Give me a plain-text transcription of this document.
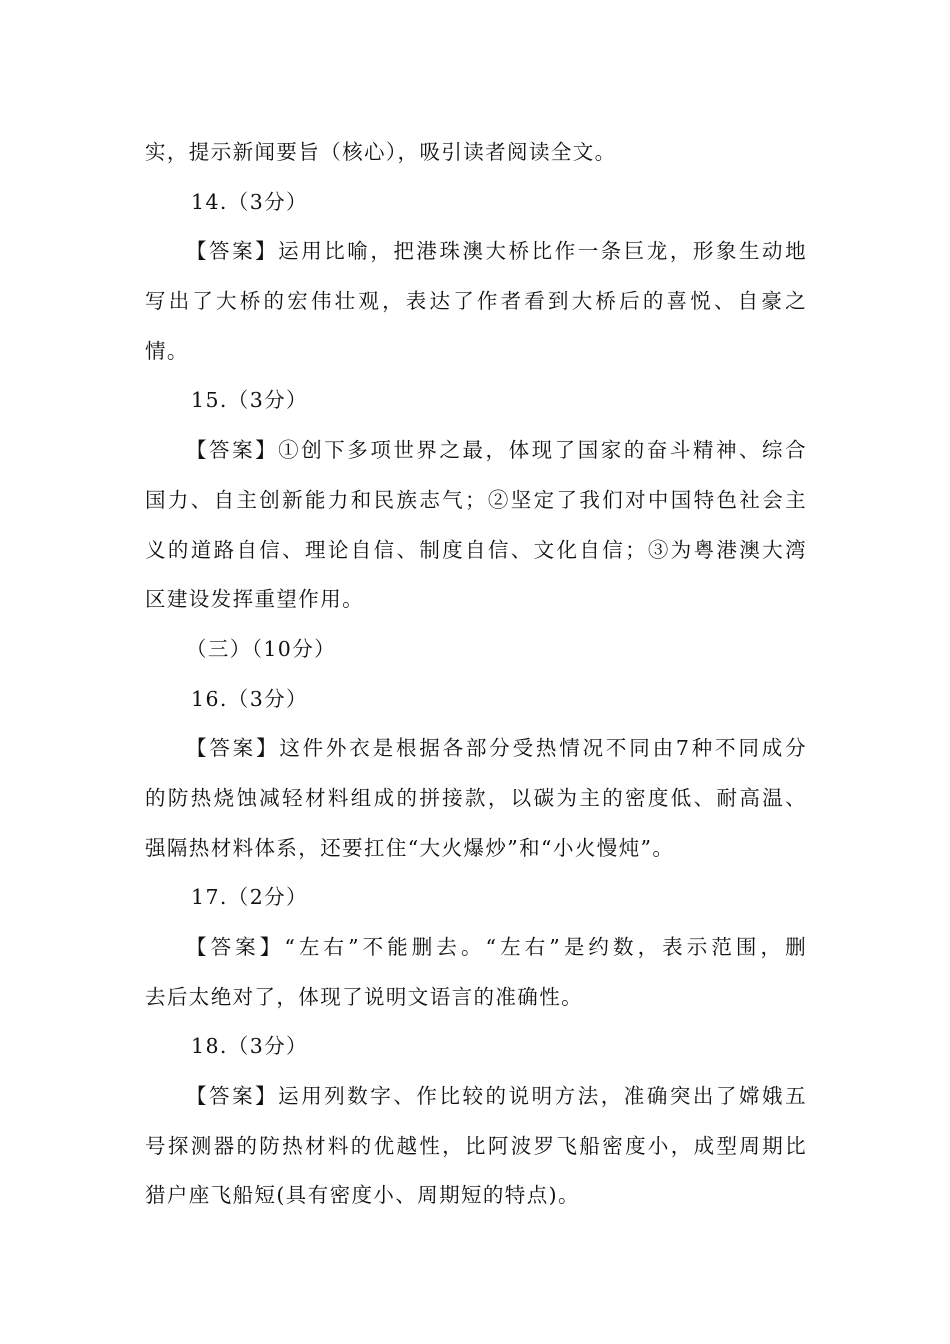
实，提示新闻要旨（核心），吸引读者阅读全文。
14.（3分）
【答案】运用比喻，把港珠澳大桥比作一条巨龙，形象生动地
写出了大桥的宏伟壮观，表达了作者看到大桥后的喜悦、自豪之
情。
15.（3分）
【答案】①创下多项世界之最，体现了国家的奋斗精神、综合
国力、自主创新能力和民族志气；②坚定了我们对中国特色社会主
义的道路自信、理论自信、制度自信、文化自信；③为粤港澳大湾
区建设发挥重望作用。
（三）（10分）
16.（3分）
【答案】这件外衣是根据各部分受热情况不同由7种不同成分
的防热烧蚀减轻材料组成的拼接款，以碳为主的密度低、耐高温、
强隔热材料体系，还要扛住“大火爆炒”和“小火慢炖”。
17.（2分）
【答案】“左右”不能删去。“左右”是约数，表示范围，删
去后太绝对了，体现了说明文语言的准确性。
18.（3分）
【答案】运用列数字、作比较的说明方法，准确突出了嫦娥五
号探测器的防热材料的优越性，比阿波罗飞船密度小，成型周期比
猎户座飞船短(具有密度小、周期短的特点)。
